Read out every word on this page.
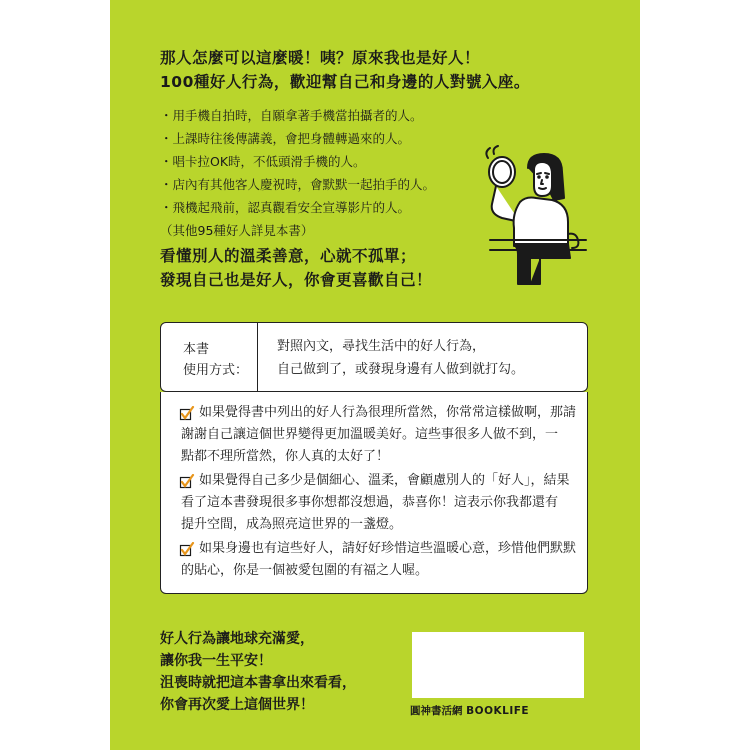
那人怎麼可以這麼暖！咦？原來我也是好人！
100種好人行為，歡迎幫自己和身邊的人對號入座。
・用手機自拍時，自願拿著手機當拍攝者的人。
・上課時往後傳講義，會把身體轉過來的人。
・唱卡拉OK時，不低頭滑手機的人。
・店內有其他客人慶祝時，會默默一起拍手的人。
・飛機起飛前，認真觀看安全宣導影片的人。
（其他95種好人詳見本書）
看懂別人的溫柔善意，心就不孤單；
發現自己也是好人，你會更喜歡自己！
本書
使用方式：
對照內文，尋找生活中的好人行為，
自己做到了，或發現身邊有人做到就打勾。
如果覺得書中列出的好人行為很理所當然，你常常這樣做啊，那請
謝謝自己讓這個世界變得更加溫暖美好。這些事很多人做不到，一
點都不理所當然，你人真的太好了！
如果覺得自己多少是個細心、溫柔，會顧慮別人的「好人」，結果
看了這本書發現很多事你想都沒想過，恭喜你！這表示你我都還有
提升空間，成為照亮這世界的一盞燈。
如果身邊也有這些好人，請好好珍惜這些溫暖心意，珍惜他們默默
的貼心，你是一個被愛包圍的有福之人喔。
好人行為讓地球充滿愛，
讓你我一生平安！
沮喪時就把這本書拿出來看看，
你會再次愛上這個世界！	圓神書活網 BOOKLIFE
